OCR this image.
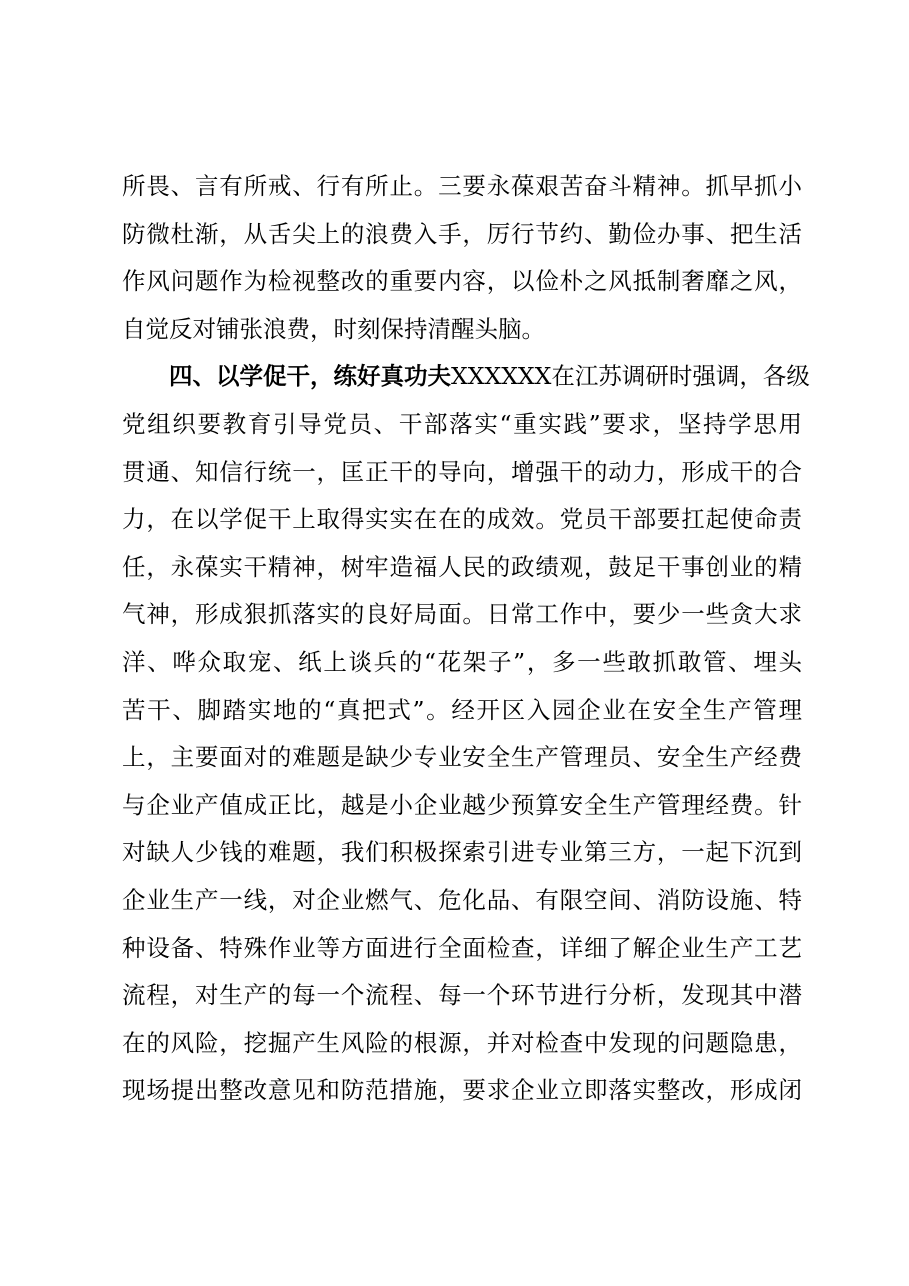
所畏、言有所戒、行有所止。三要永葆艰苦奋斗精神。抓早抓小
防微杜渐，从舌尖上的浪费入手，厉行节约、勤俭办事、把生活
作风问题作为检视整改的重要内容，以俭朴之风抵制奢靡之风，
自觉反对铺张浪费，时刻保持清醒头脑。
四、以学促干，练好真功夫XXXXXX在江苏调研时强调，各级
党组织要教育引导党员、干部落实“重实践”要求，坚持学思用
贯通、知信行统一，匡正干的导向，增强干的动力，形成干的合
力，在以学促干上取得实实在在的成效。党员干部要扛起使命责
任，永葆实干精神，树牢造福人民的政绩观，鼓足干事创业的精
气神，形成狠抓落实的良好局面。日常工作中，要少一些贪大求
洋、哗众取宠、纸上谈兵的“花架子”，多一些敢抓敢管、埋头
苦干、脚踏实地的“真把式”。经开区入园企业在安全生产管理
上，主要面对的难题是缺少专业安全生产管理员、安全生产经费
与企业产值成正比，越是小企业越少预算安全生产管理经费。针
对缺人少钱的难题，我们积极探索引进专业第三方，一起下沉到
企业生产一线，对企业燃气、危化品、有限空间、消防设施、特
种设备、特殊作业等方面进行全面检查，详细了解企业生产工艺
流程，对生产的每一个流程、每一个环节进行分析，发现其中潜
在的风险，挖掘产生风险的根源，并对检查中发现的问题隐患，
现场提出整改意见和防范措施，要求企业立即落实整改，形成闭
